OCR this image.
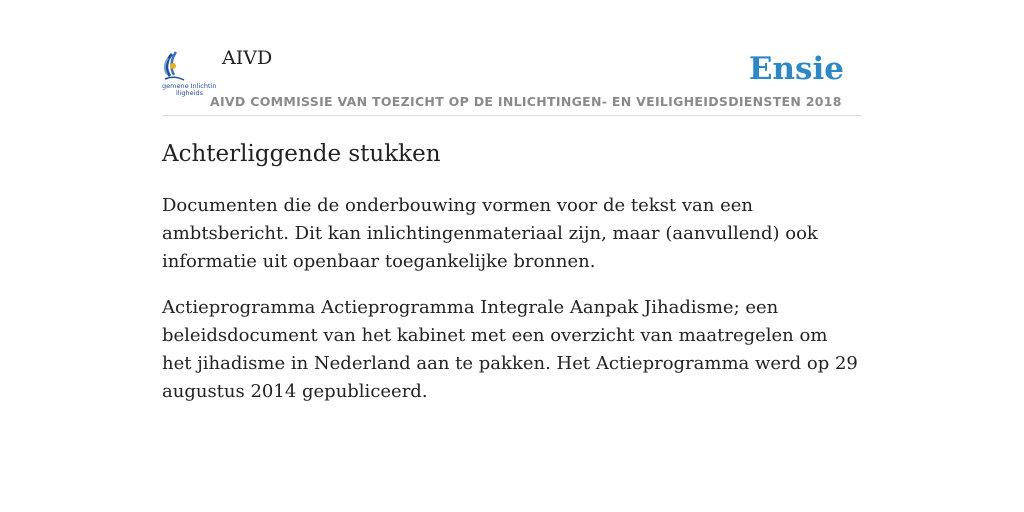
gemene Inlichtin
lligheids
AIVD	Ensie
AIVD COMMISSIE VAN TOEZICHT OP DE INLICHTINGEN- EN VEILIGHEIDSDIENSTEN 2018
Achterliggende stukken

Documenten die de onderbouwing vormen voor de tekst van een ambtsbericht. Dit kan inlichtingenmateriaal zijn, maar (aanvullend) ook informatie uit openbaar toegankelijke bronnen.

Actieprogramma Actieprogramma Integrale Aanpak Jihadisme; een beleidsdocument van het kabinet met een overzicht van maatregelen om het jihadisme in Nederland aan te pakken. Het Actieprogramma werd op 29 augustus 2014 gepubliceerd.
